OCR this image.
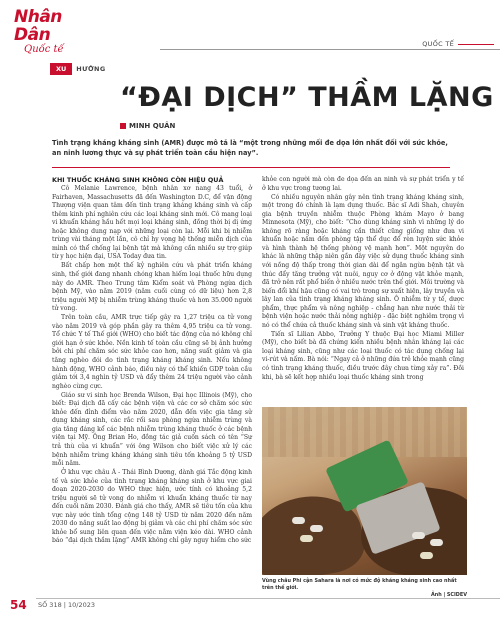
Nhân Dân
Quốc tế	QUỐC TẾ
XU	HƯỚNG
“ĐẠI DỊCH” THẦM LẶNG
MINH QUÂN
Tình trạng kháng kháng sinh (AMR) được mô tả là “một trong những mối đe dọa lớn nhất đối với sức khỏe, an ninh lương thực và sự phát triển toàn cầu hiện nay”.

KHI THUỐC KHÁNG SINH KHÔNG CÒN HIỆU QUẢ

Cô Melanie Lawrence, bệnh nhân xơ nang 43 tuổi, ở Fairhaven, Massachusetts đã đến Washington D.C, để vận động Thượng viện quan tâm đến tình trạng kháng kháng sinh và cấp thêm kinh phí nghiên cứu các loại kháng sinh mới. Cô mang loại vi khuẩn kháng hầu hết mọi loại kháng sinh, đồng thời bị dị ứng hoặc không dung nạp với những loại còn lại. Mỗi khi bị nhiễm trùng vài tháng một lần, cô chỉ hy vọng hệ thống miễn dịch của mình có thể chống lại bệnh tật mà không cần nhiều sự trợ giúp từ y học hiện đại, USA Today đưa tin.

Bất chấp hơn một thế kỷ nghiên cứu và phát triển kháng sinh, thế giới đang nhanh chóng khan hiếm loại thuốc hữu dụng này do AMR. Theo Trung tâm Kiểm soát và Phòng ngừa dịch bệnh Mỹ, vào năm 2019 (năm cuối cùng có dữ liệu) hơn 2,8 triệu người Mỹ bị nhiễm trùng kháng thuốc và hơn 35.000 người tử vong.

Trên toàn cầu, AMR trực tiếp gây ra 1,27 triệu ca tử vong vào năm 2019 và góp phần gây ra thêm 4,95 triệu ca tử vong. Tổ chức Y tế Thế giới (WHO) cho biết tác động của nó không chỉ giới hạn ở sức khỏe. Nền kinh tế toàn cầu cũng sẽ bị ảnh hưởng bởi chi phí chăm sóc sức khỏe cao hơn, năng suất giảm và gia tăng nghèo đói do tình trạng kháng kháng sinh. Nếu không hành động, WHO cảnh báo, điều này có thể khiến GDP toàn cầu giảm tới 3,4 nghìn tỷ USD và đẩy thêm 24 triệu người vào cảnh nghèo cùng cực.

Giáo sư vi sinh học Brenda Wilson, Đại học Illinois (Mỹ), cho biết: Đại dịch đã cấy các bệnh viện và các cơ sở chăm sóc sức khỏe đến đỉnh điểm vào năm 2020, dẫn đến việc gia tăng sử dụng kháng sinh, các rắc rối sau phòng ngừa nhiễm trùng và gia tăng đáng kể các bệnh nhiễm trùng kháng thuốc ở các bệnh viện tại Mỹ. Ông Brian Ho, đồng tác giả cuốn sách có tên “Sự trả thù của vi khuẩn” với ông Wilson cho biết việc xử lý các bệnh nhiễm trùng kháng kháng sinh tiêu tốn khoảng 5 tỷ USD mỗi năm.

Ở khu vực châu Á - Thái Bình Dương, dành giá Tắc động kinh tế và sức khỏe của tình trạng kháng kháng sinh ở khu vực giai đoạn 2020-2030 do WHO thực hiện, ước tính có khoảng 5,2 triệu người sẽ tử vong do nhiễm vi khuẩn kháng thuốc từ nay đến cuối năm 2030. Đánh giá cho thấy, AMR sẽ tiêu tốn của khu vực này ước tính tổng cộng 148 tỷ USD từ năm 2020 đến năm 2030 do năng suất lao động bị giảm và các chi phí chăm sóc sức khỏe bổ sung liên quan đến việc nằm viện kéo dài. WHO cảnh báo “đại dịch thầm lặng” AMR không chỉ gây nguy hiểm cho sức

khỏe con người mà còn đe dọa đến an ninh và sự phát triển y tế ở khu vực trong tương lai.

Có nhiều nguyên nhân gây nên tình trạng kháng kháng sinh, một trong đó chính là lạm dụng thuốc. Bác sĩ Adi Shah, chuyên gia bệnh truyền nhiễm thuộc Phòng khám Mayo ở bang Minnesota (Mỹ), cho biết: “Cho dùng kháng sinh vì những lý do không rõ ràng hoặc kháng cần thiết cũng giống như đưa vi khuẩn hoặc nấm đến phòng tập thể dục để rèn luyện sức khỏe và hình thành hệ thống phòng vệ mạnh hơn”. Một nguyên do khác là những thập niên gần đây việc sử dụng thuốc kháng sinh với nồng độ thấp trong thời gian dài để ngăn ngừa bệnh tật và thúc đẩy tăng trưởng vật nuôi, nguy cơ ở động vật khỏe mạnh, đã trở nên rất phổ biến ở nhiều nước trên thế giới. Môi trường và biến đổi khí hậu cũng có vai trò trong sự xuất hiện, lây truyền và lây lan của tình trạng kháng kháng sinh. Ô nhiễm từ y tế, dược phẩm, thực phẩm và nông nghiệp - chẳng hạn như nước thải từ bệnh viện hoặc nước thải nông nghiệp - đặc biệt nghiêm trọng vì nó có thể chứa cả thuốc kháng sinh và sinh vật kháng thuốc.

Tiến sĩ Lilian Abbo, Trưởng Y thuộc Đại học Miami Miller (Mỹ), cho biết bà đã chứng kiến nhiều bệnh nhân kháng lại các loại kháng sinh, cũng như các loại thuốc có tác dụng chống lại vi-rút và nấm. Bà nói: “Ngay cả ở những đứa trẻ khỏe mạnh cũng có tình trạng kháng thuốc, điều trước đây chưa từng xảy ra”. Đồi khi, bà sẽ kết hợp nhiều loại thuốc kháng sinh trong

Vùng châu Phi cận Sahara là nơi có mức độ kháng kháng sinh cao nhất trên thế giới.
Ảnh | SCIDEV
54 SỐ 318 | 10/2023
